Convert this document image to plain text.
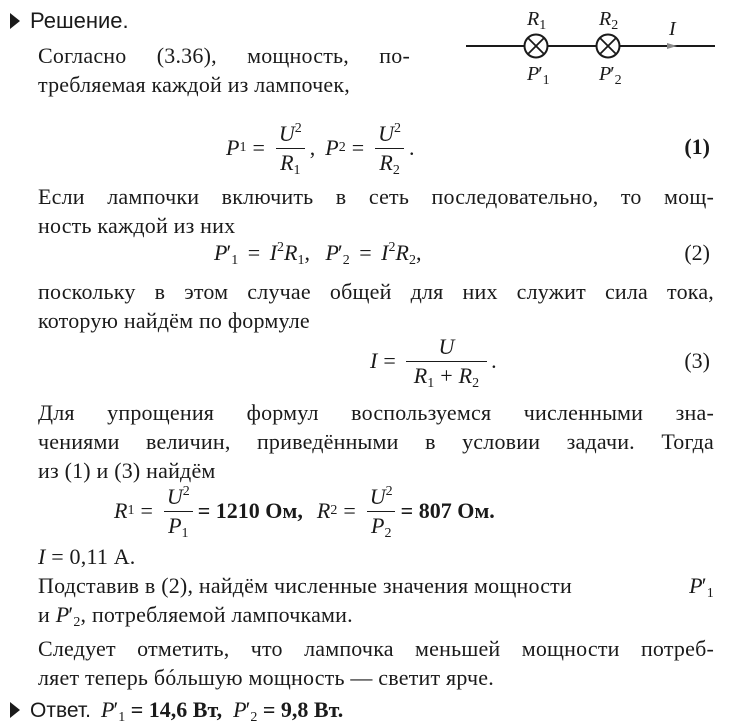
Решение.
Согласно (3.36), мощность, по-
требляемая каждой из лампочек,
$R_1$	$R_2$
$P'_1$ $P'_2$
I
P $1 = \frac{U^2}{R_1}$ , P $2 = \frac{U^2}{R_2}$ .	(1)
Если лампочки включить в сеть последовательно, то мощ-
ность каждой из них
$P'_1 = I^2R_1$, $P'_2 = I^2R_2$,	(2)
поскольку в этом случае общей для них служит сила тока,
которую найдём по формуле
$I = \frac{U}{R_1 + R_2}$ .	(3)
Для упрощения формул воспользуемся численными зна-
чениями величин, приведёнными в условии задачи. Тогда
из (1) и (3) найдём
R $1 = \frac{U^2}{P_1} = 1210$ Ом, R $2 = \frac{U^2}{P_2} = 807$ Ом.
I = 0,11 А.
Подставив в (2), найдём численные значения мощности	$P'_1$
и $P'_2$, потребляемой лампочками.
Следует отметить, что лампочка меньшей мощности потреб-
ляет теперь бóльшую мощность — светит ярче.
Ответ. $P'_1 = 14,6$ Вт, $P'_2 = 9,8$ Вт.
